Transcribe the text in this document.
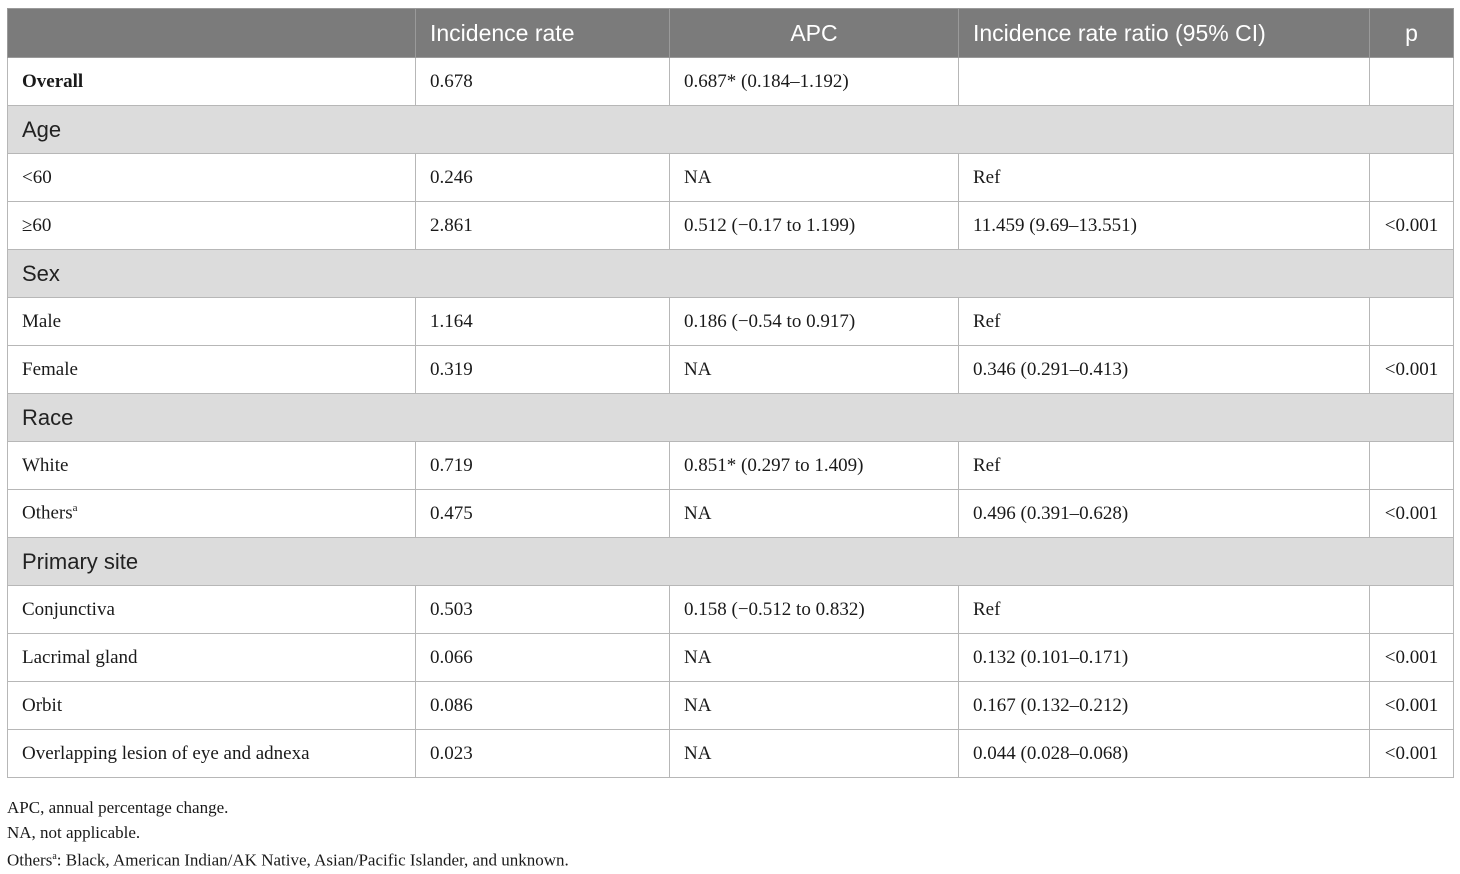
	Incidence rate	APC	Incidence rate ratio (95% CI)	p
Overall	0.678	0.687* (0.184–1.192)		
Age				
<60	0.246	NA	Ref	
≥60	2.861	0.512 (−0.17 to 1.199)	11.459 (9.69–13.551)	<0.001
Sex				
Male	1.164	0.186 (−0.54 to 0.917)	Ref	
Female	0.319	NA	0.346 (0.291–0.413)	<0.001
Race				
White	0.719	0.851* (0.297 to 1.409)	Ref	
Others$^a$	0.475	NA	0.496 (0.391–0.628)	<0.001
Primary site				
Conjunctiva	0.503	0.158 (−0.512 to 0.832)	Ref	
Lacrimal gland	0.066	NA	0.132 (0.101–0.171)	<0.001
Orbit	0.086	NA	0.167 (0.132–0.212)	<0.001
Overlapping lesion of eye and adnexa	0.023	NA	0.044 (0.028–0.068)	<0.001
APC, annual percentage change.
NA, not applicable.
Others$^a$: Black, American Indian/AK Native, Asian/Pacific Islander, and unknown.
